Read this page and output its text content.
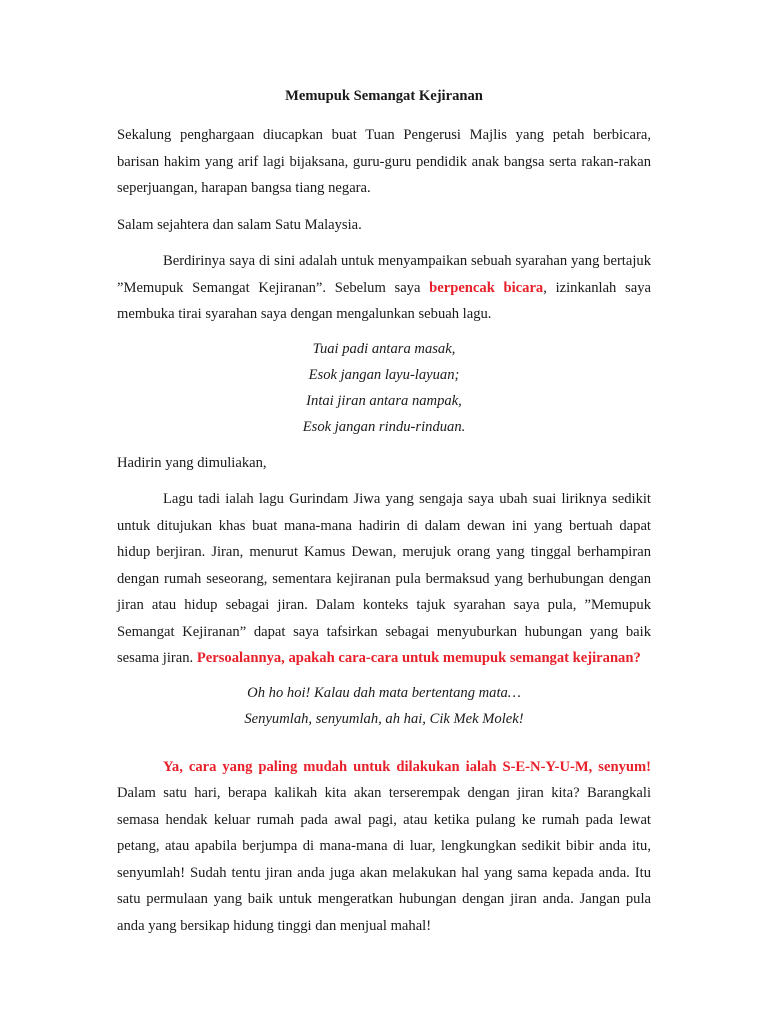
Memupuk Semangat Kejiranan

Sekalung penghargaan diucapkan buat Tuan Pengerusi Majlis yang petah berbicara, barisan hakim yang arif lagi bijaksana, guru-guru pendidik anak bangsa serta rakan-rakan seperjuangan, harapan bangsa tiang negara.

Salam sejahtera dan salam Satu Malaysia.

Berdirinya saya di sini adalah untuk menyampaikan sebuah syarahan yang bertajuk ”Memupuk Semangat Kejiranan”. Sebelum saya berpencak bicara, izinkanlah saya membuka tirai syarahan saya dengan mengalunkan sebuah lagu.

Tuai padi antara masak,
Esok jangan layu-layuan;
Intai jiran antara nampak,
Esok jangan rindu-rinduan.

Hadirin yang dimuliakan,

Lagu tadi ialah lagu Gurindam Jiwa yang sengaja saya ubah suai liriknya sedikit untuk ditujukan khas buat mana-mana hadirin di dalam dewan ini yang bertuah dapat hidup berjiran. Jiran, menurut Kamus Dewan, merujuk orang yang tinggal berhampiran dengan rumah seseorang, sementara kejiranan pula bermaksud yang berhubungan dengan jiran atau hidup sebagai jiran. Dalam konteks tajuk syarahan saya pula, ”Memupuk Semangat Kejiranan” dapat saya tafsirkan sebagai menyuburkan hubungan yang baik sesama jiran. Persoalannya, apakah cara-cara untuk memupuk semangat kejiranan?

Oh ho hoi! Kalau dah mata bertentang mata…
Senyumlah, senyumlah, ah hai, Cik Mek Molek!

Ya, cara yang paling mudah untuk dilakukan ialah S-E-N-Y-U-M, senyum! Dalam satu hari, berapa kalikah kita akan terserempak dengan jiran kita? Barangkali semasa hendak keluar rumah pada awal pagi, atau ketika pulang ke rumah pada lewat petang, atau apabila berjumpa di mana-mana di luar, lengkungkan sedikit bibir anda itu, senyumlah! Sudah tentu jiran anda juga akan melakukan hal yang sama kepada anda. Itu satu permulaan yang baik untuk mengeratkan hubungan dengan jiran anda. Jangan pula anda yang bersikap hidung tinggi dan menjual mahal!
